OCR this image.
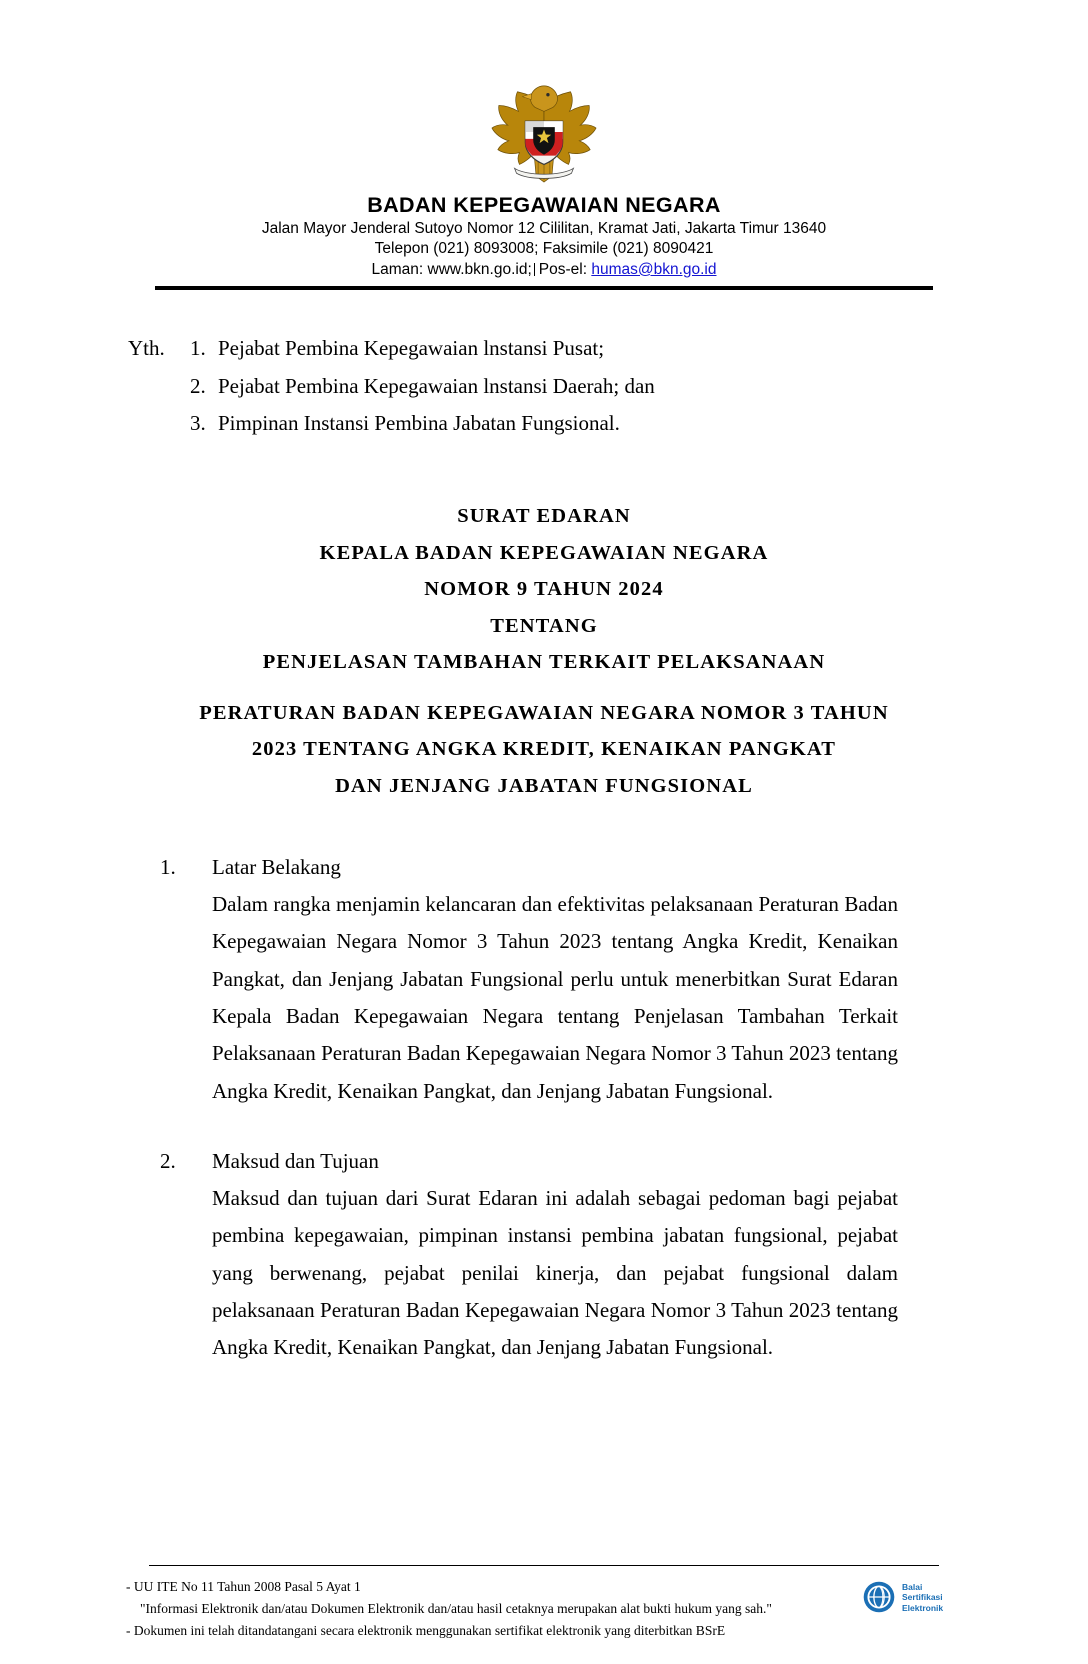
BADAN KEPEGAWAIAN NEGARA
Jalan Mayor Jenderal Sutoyo Nomor 12 Cililitan, Kramat Jati, Jakarta Timur 13640
Telepon (021) 8093008; Faksimile (021) 8090421
Laman: www.bkn.go.id; Pos-el: humas@bkn.go.id
Yth.	1. Pejabat Pembina Kepegawaian lnstansi Pusat;
2. Pejabat Pembina Kepegawaian lnstansi Daerah; dan
3. Pimpinan Instansi Pembina Jabatan Fungsional.
SURAT EDARAN
KEPALA BADAN KEPEGAWAIAN NEGARA
NOMOR 9 TAHUN 2024
TENTANG
PENJELASAN TAMBAHAN TERKAIT PELAKSANAAN
PERATURAN BADAN KEPEGAWAIAN NEGARA NOMOR 3 TAHUN
2023 TENTANG ANGKA KREDIT, KENAIKAN PANGKAT
DAN JENJANG JABATAN FUNGSIONAL
1.	Latar Belakang
Dalam rangka menjamin kelancaran dan efektivitas pelaksanaan Peraturan Badan Kepegawaian Negara Nomor 3 Tahun 2023 tentang Angka Kredit, Kenaikan Pangkat, dan Jenjang Jabatan Fungsional perlu untuk menerbitkan Surat Edaran Kepala Badan Kepegawaian Negara tentang Penjelasan Tambahan Terkait Pelaksanaan Peraturan Badan Kepegawaian Negara Nomor 3 Tahun 2023 tentang Angka Kredit, Kenaikan Pangkat, dan Jenjang Jabatan Fungsional.
2.	Maksud dan Tujuan
Maksud dan tujuan dari Surat Edaran ini adalah sebagai pedoman bagi pejabat pembina kepegawaian, pimpinan instansi pembina jabatan fungsional, pejabat yang berwenang, pejabat penilai kinerja, dan pejabat fungsional dalam pelaksanaan Peraturan Badan Kepegawaian Negara Nomor 3 Tahun 2023 tentang Angka Kredit, Kenaikan Pangkat, dan Jenjang Jabatan Fungsional.
- UU ITE No 11 Tahun 2008 Pasal 5 Ayat 1
"Informasi Elektronik dan/atau Dokumen Elektronik dan/atau hasil cetaknya merupakan alat bukti hukum yang sah."
- Dokumen ini telah ditandatangani secara elektronik menggunakan sertifikat elektronik yang diterbitkan BSrE
Balai
Sertifikasi
Elektronik
